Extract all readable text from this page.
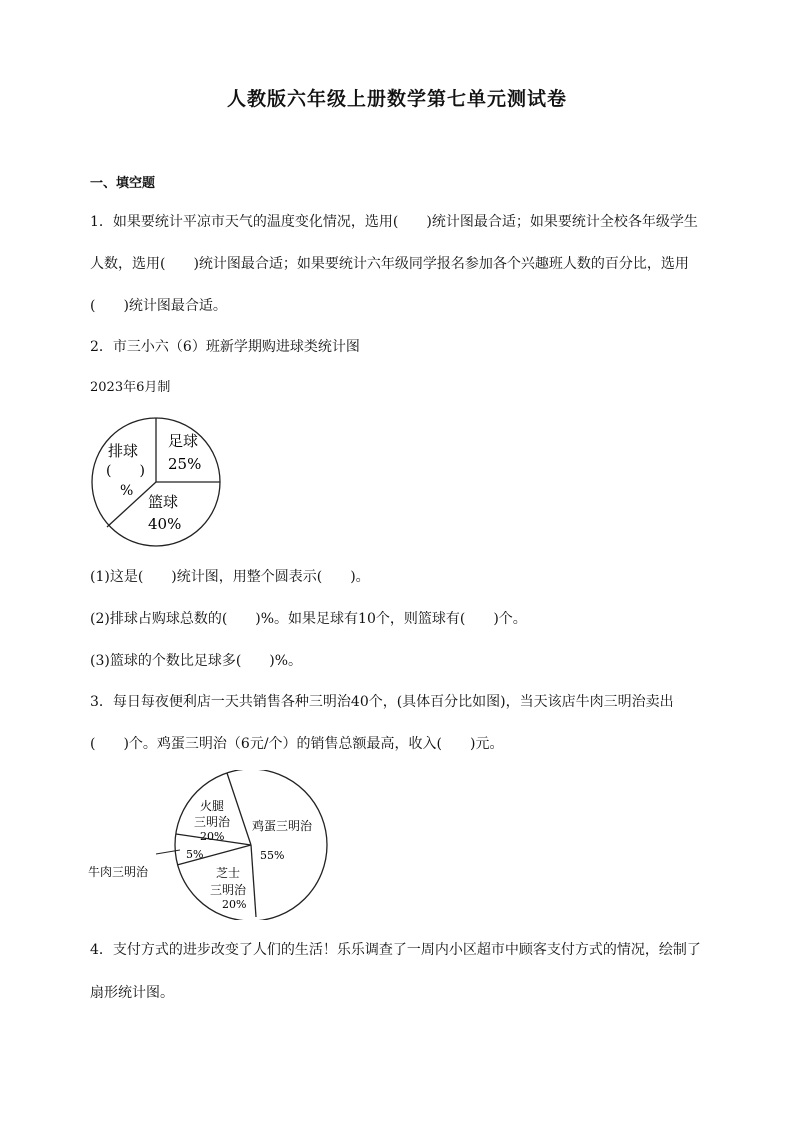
人教版六年级上册数学第七单元测试卷
一、填空题
1．如果要统计平凉市天气的温度变化情况，选用(　　)统计图最合适；如果要统计全校各年级学生
人数，选用(　　)统计图最合适；如果要统计六年级同学报名参加各个兴趣班人数的百分比，选用
(　　)统计图最合适。
2．市三小六（6）班新学期购进球类统计图
2023年6月制
足球
25%
排球
(　　)
%
篮球
40%
(1)这是(　　)统计图，用整个圆表示(　　)。
(2)排球占购球总数的(　　)%。如果足球有10个，则篮球有(　　)个。
(3)篮球的个数比足球多(　　)%。
3．每日每夜便利店一天共销售各种三明治40个，(具体百分比如图)，当天该店牛肉三明治卖出
(　　)个。鸡蛋三明治（6元/个）的销售总额最高，收入(　　)元。
火腿
三明治
20%
鸡蛋三明治
55%
5%
牛肉三明治	芝士
三明治
20%
4．支付方式的进步改变了人们的生活！乐乐调查了一周内小区超市中顾客支付方式的情况，绘制了
扇形统计图。
